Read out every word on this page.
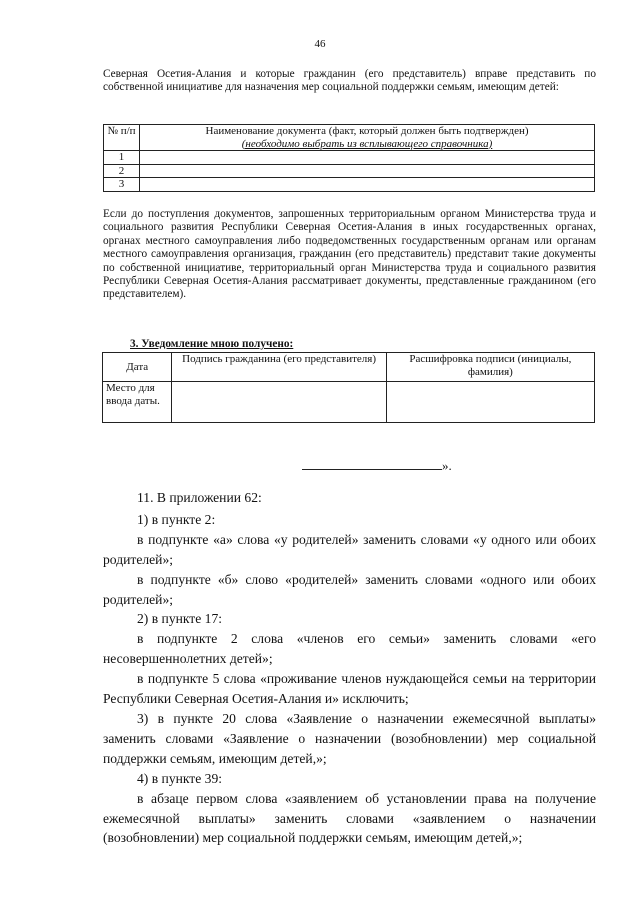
46
Северная Осетия-Алания и которые гражданин (его представитель) вправе представить по собственной инициативе для назначения мер социальной поддержки семьям, имеющим детей:
№ п/п	Наименование документа (факт, который должен быть подтвержден)
(необходимо выбрать из всплывающего справочника)

1	
2	
3	
Если до поступления документов, запрошенных территориальным органом Министерства труда и социального развития Республики Северная Осетия-Алания в иных государственных органах, органах местного самоуправления либо подведомственных государственным органам или органам местного самоуправления организация, гражданин (его представитель) представит такие документы по собственной инициативе, территориальный орган Министерства труда и социального развития Республики Северная Осетия-Алания рассматривает документы, представленные гражданином (его представителем).
3. Уведомление мною получено:
Дата	Подпись гражданина (его представителя)	Расшифровка подписи (инициалы, фамилия)
Место для ввода даты.		
».

11. В приложении 62:

1) в пункте 2:

в подпункте «а» слова «у родителей» заменить словами «у одного или обоих родителей»;

в подпункте «б» слово «родителей» заменить словами «одного или обоих родителей»;

2) в пункте 17:

в подпункте 2 слова «членов его семьи» заменить словами «его несовершеннолетних детей»;

в подпункте 5 слова «проживание членов нуждающейся семьи на территории Республики Северная Осетия-Алания и» исключить;

3) в пункте 20 слова «Заявление о назначении ежемесячной выплаты» заменить словами «Заявление о назначении (возобновлении) мер социальной поддержки семьям, имеющим детей,»;

4) в пункте 39:

в абзаце первом слова «заявлением об установлении права на получение ежемесячной выплаты» заменить словами «заявлением о назначении (возобновлении) мер социальной поддержки семьям, имеющим детей,»;
